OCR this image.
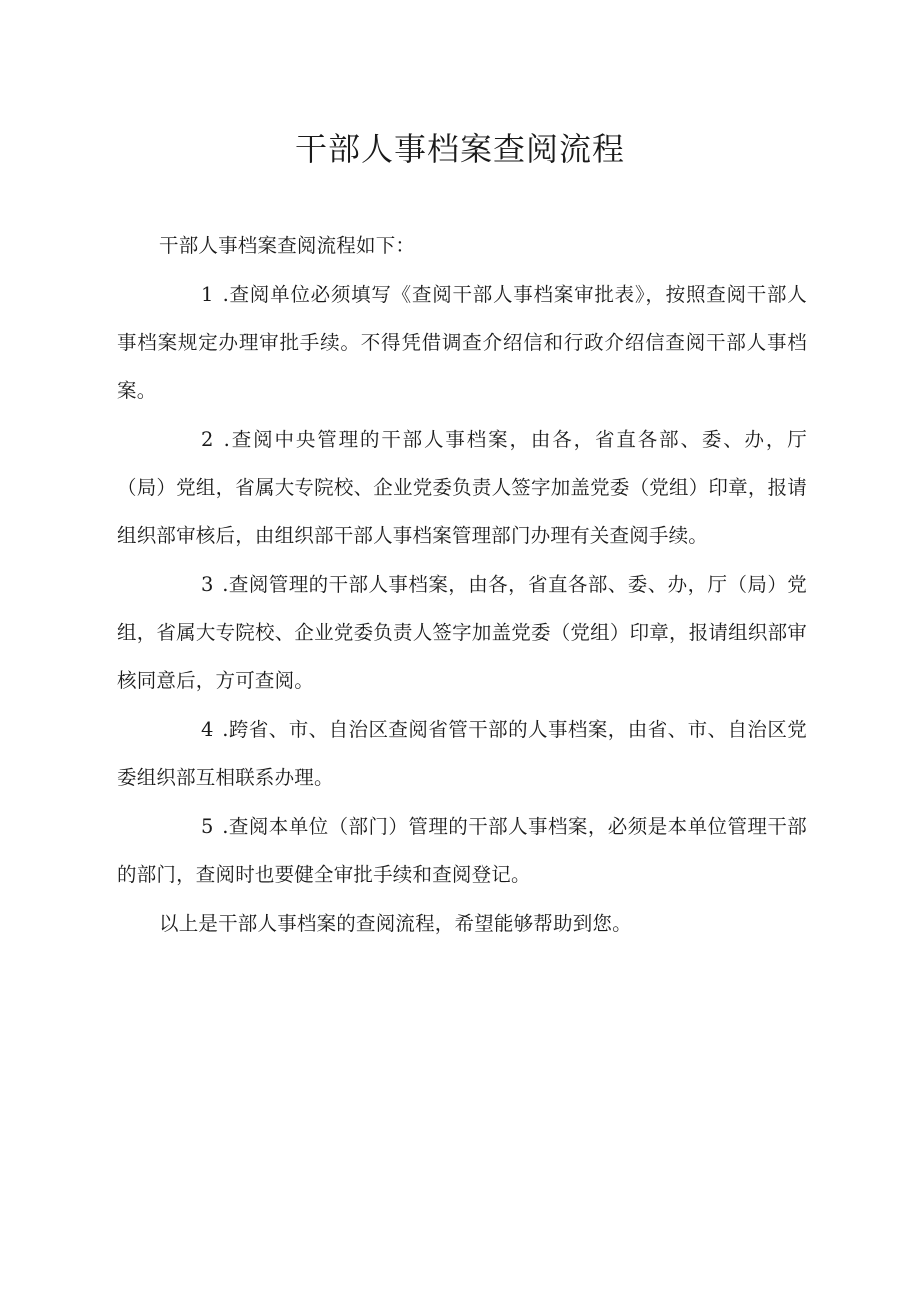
干部人事档案查阅流程

干部人事档案查阅流程如下：

1 .查阅单位必须填写《查阅干部人事档案审批表》，按照查阅干部人事档案规定办理审批手续。不得凭借调查介绍信和行政介绍信查阅干部人事档案。

2 .查阅中央管理的干部人事档案，由各，省直各部、委、办，厅（局）党组，省属大专院校、企业党委负责人签字加盖党委（党组）印章，报请组织部审核后，由组织部干部人事档案管理部门办理有关查阅手续。

3 .查阅管理的干部人事档案，由各，省直各部、委、办，厅（局）党组，省属大专院校、企业党委负责人签字加盖党委（党组）印章，报请组织部审核同意后，方可查阅。

4 .跨省、市、自治区查阅省管干部的人事档案，由省、市、自治区党委组织部互相联系办理。

5 .查阅本单位（部门）管理的干部人事档案，必须是本单位管理干部的部门，查阅时也要健全审批手续和查阅登记。

以上是干部人事档案的查阅流程，希望能够帮助到您。
